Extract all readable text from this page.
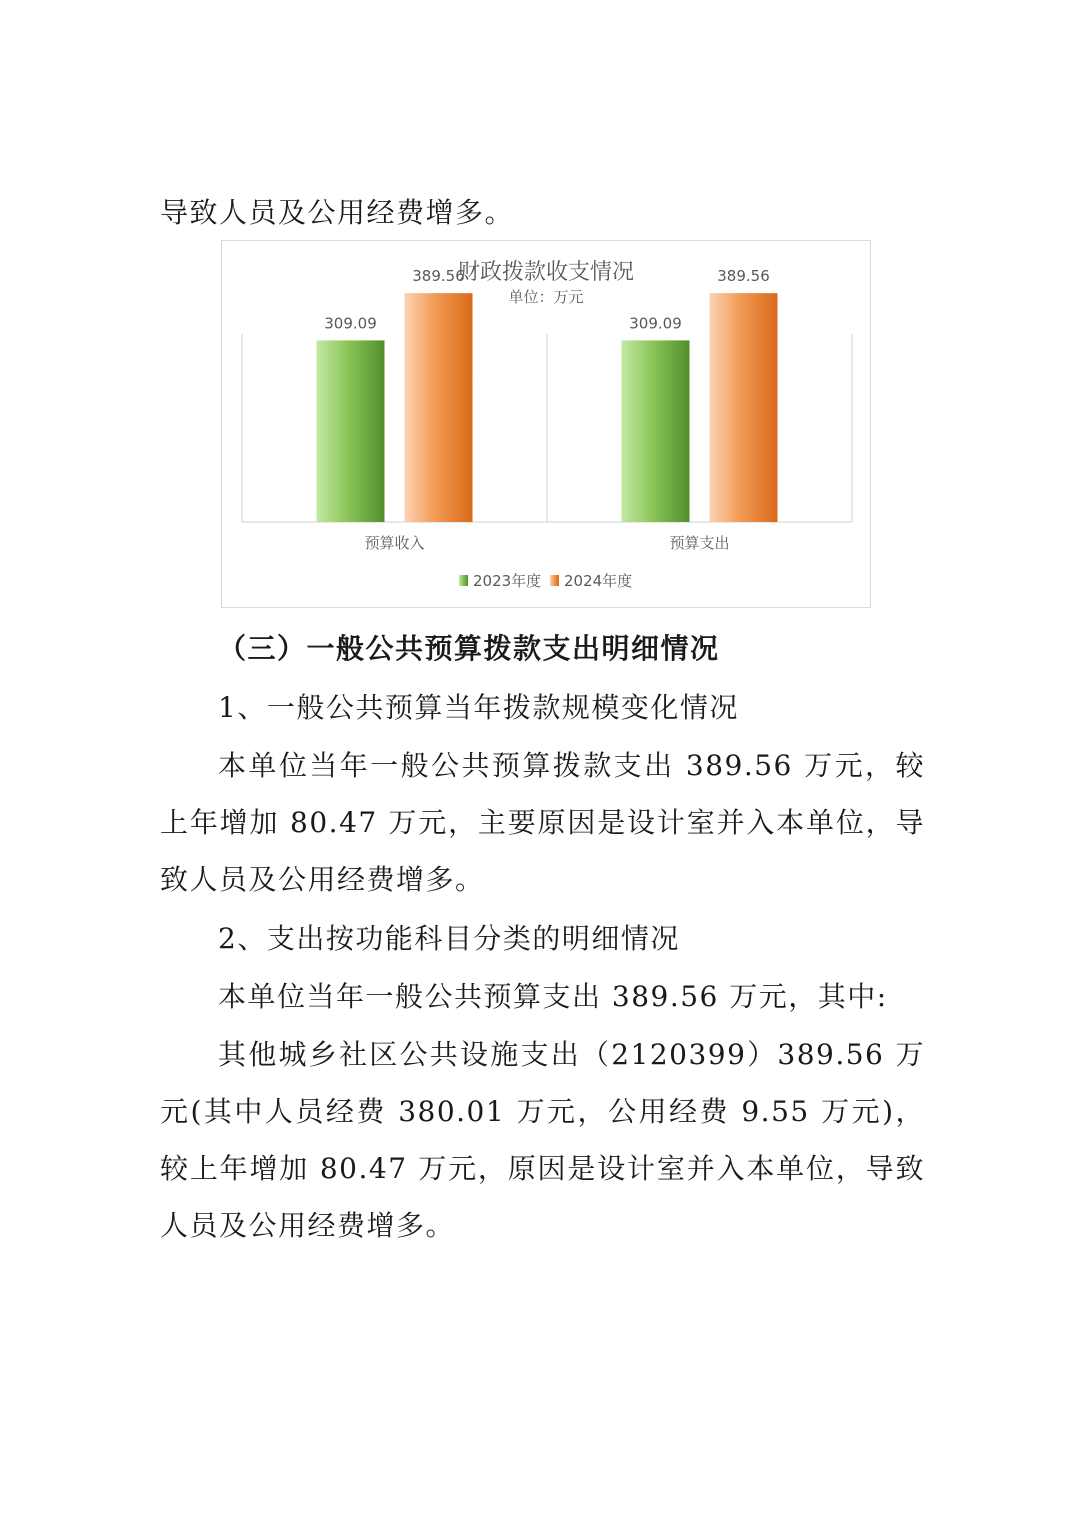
导致人员及公用经费增多。

财政拨款收支情况
单位：万元
309.09
389.56
预算收入
309.09
389.56
预算支出
2023年度 2024年度

（三）一般公共预算拨款支出明细情况

1、一般公共预算当年拨款规模变化情况

本单位当年一般公共预算拨款支出 389.56 万元，较上年增加 80.47 万元，主要原因是设计室并入本单位，导致人员及公用经费增多。

2、支出按功能科目分类的明细情况

本单位当年一般公共预算支出 389.56 万元，其中:

其他城乡社区公共设施支出（2120399）389.56 万元(其中人员经费 380.01 万元，公用经费 9.55 万元)，较上年增加 80.47 万元，原因是设计室并入本单位，导致人员及公用经费增多。
